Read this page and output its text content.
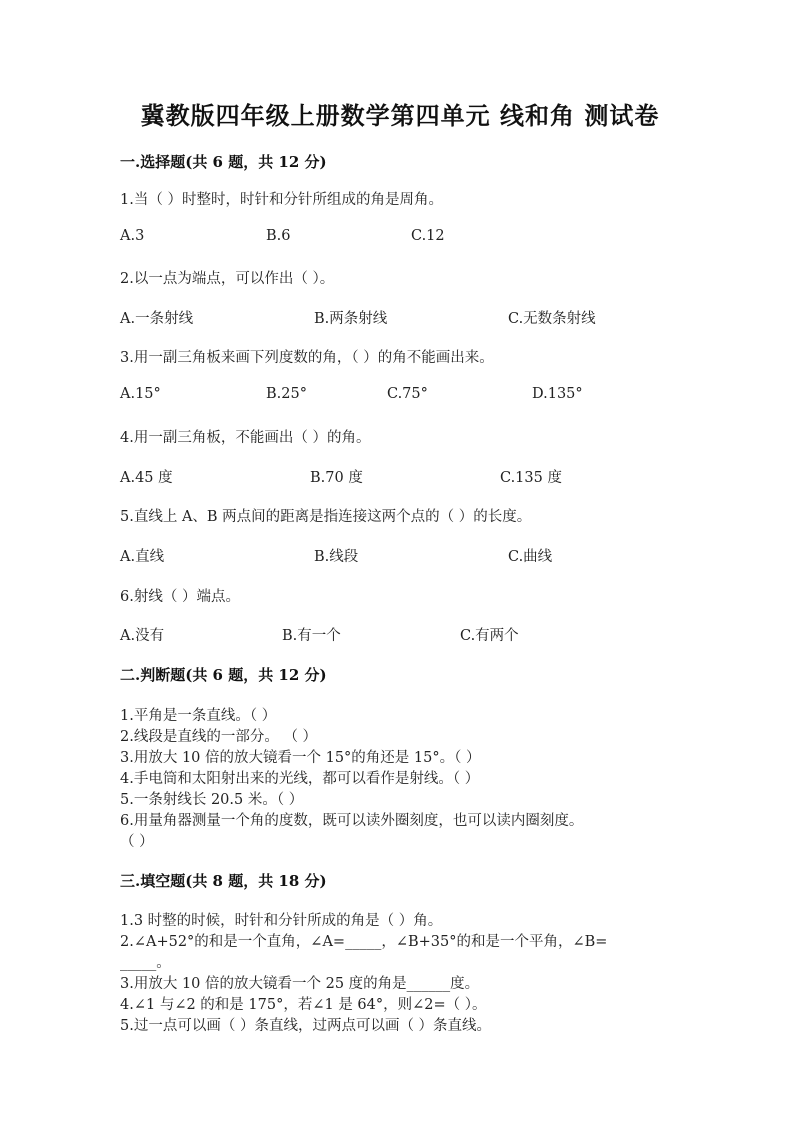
冀教版四年级上册数学第四单元 线和角 测试卷
一.选择题(共 6 题，共 12 分)
1.当（ ）时整时，时针和分针所组成的角是周角。
A.3	B.6	C.12
2.以一点为端点，可以作出（ ）。
A.一条射线	B.两条射线	C.无数条射线
3.用一副三角板来画下列度数的角，（ ）的角不能画出来。
A.15°	B.25°	C.75°	D.135°
4.用一副三角板，不能画出（ ）的角。
A.45 度	B.70 度	C.135 度
5.直线上 A、B 两点间的距离是指连接这两个点的（ ）的长度。
A.直线	B.线段	C.曲线
6.射线（ ）端点。
A.没有	B.有一个	C.有两个
二.判断题(共 6 题，共 12 分)
1.平角是一条直线。（ ）
2.线段是直线的一部分。 （ ）
3.用放大 10 倍的放大镜看一个 15°的角还是 15°。（ ）
4.手电筒和太阳射出来的光线，都可以看作是射线。（ ）
5.一条射线长 20.5 米。（ ）
6.用量角器测量一个角的度数，既可以读外圈刻度，也可以读内圈刻度。
（ ）
三.填空题(共 8 题，共 18 分)
1.3 时整的时候，时针和分针所成的角是（ ）角。
2.∠A+52°的和是一个直角，∠A=_____，∠B+35°的和是一个平角，∠B=
_____。
3.用放大 10 倍的放大镜看一个 25 度的角是______度。
4.∠1 与∠2 的和是 175°，若∠1 是 64°，则∠2=（ ）。
5.过一点可以画（ ）条直线，过两点可以画（ ）条直线。
